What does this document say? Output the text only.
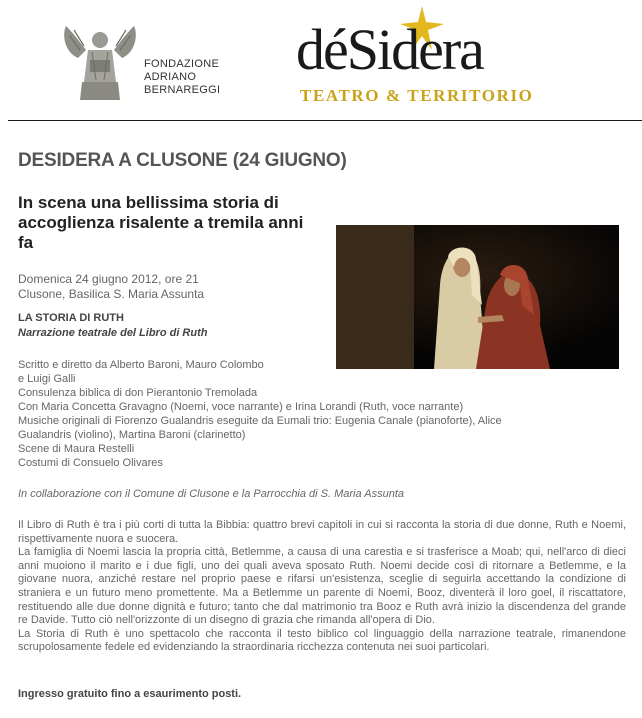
FONDAZIONE
ADRIANO
BERNAREGGI
déSidera
TEATRO & TERRITORIO
DESIDERA A CLUSONE (24 GIUGNO)
In scena una bellissima storia di accoglienza risalente a tremila anni fa
Domenica 24 giugno 2012, ore 21
Clusone, Basilica S. Maria Assunta
LA STORIA DI RUTH
Narrazione teatrale del Libro di Ruth
Scritto e diretto da Alberto Baroni, Mauro Colombo
e Luigi Galli
Consulenza biblica di don Pierantonio Tremolada
Con Maria Concetta Gravagno (Noemi, voce narrante) e Irina Lorandi (Ruth, voce narrante)
Musiche originali di Fiorenzo Gualandris eseguite da Eumali trio: Eugenia Canale (pianoforte), Alice
Gualandris (violino), Martina Baroni (clarinetto)
Scene di Maura Restelli
Costumi di Consuelo Olivares
In collaborazione con il Comune di Clusone e la Parrocchia di S. Maria Assunta

Il Libro di Ruth è tra i più corti di tutta la Bibbia: quattro brevi capitoli in cui si racconta la storia di due donne, Ruth e Noemi, rispettivamente nuora e suocera.

La famiglia di Noemi lascia la propria città, Betlemme, a causa di una carestia e si trasferisce a Moab; qui, nell'arco di dieci anni muoiono il marito e i due figli, uno dei quali aveva sposato Ruth. Noemi decide così di ritornare a Betlemme, e la giovane nuora, anziché restare nel proprio paese e rifarsi un'esistenza, sceglie di seguirla accettando la condizione di straniera e un futuro meno promettente. Ma a Betlemme un parente di Noemi, Booz, diventerà il loro goel, il riscattatore, restituendo alle due donne dignità e futuro; tanto che dal matrimonio tra Booz e Ruth avrà inizio la discendenza del grande re Davide. Tutto ciò nell'orizzonte di un disegno di grazia che rimanda all'opera di Dio.

La Storia di Ruth è uno spettacolo che racconta il testo biblico col linguaggio della narrazione teatrale, rimanendone scrupolosamente fedele ed evidenziando la straordinaria ricchezza contenuta nei suoi particolari.

Ingresso gratuito fino a esaurimento posti.
